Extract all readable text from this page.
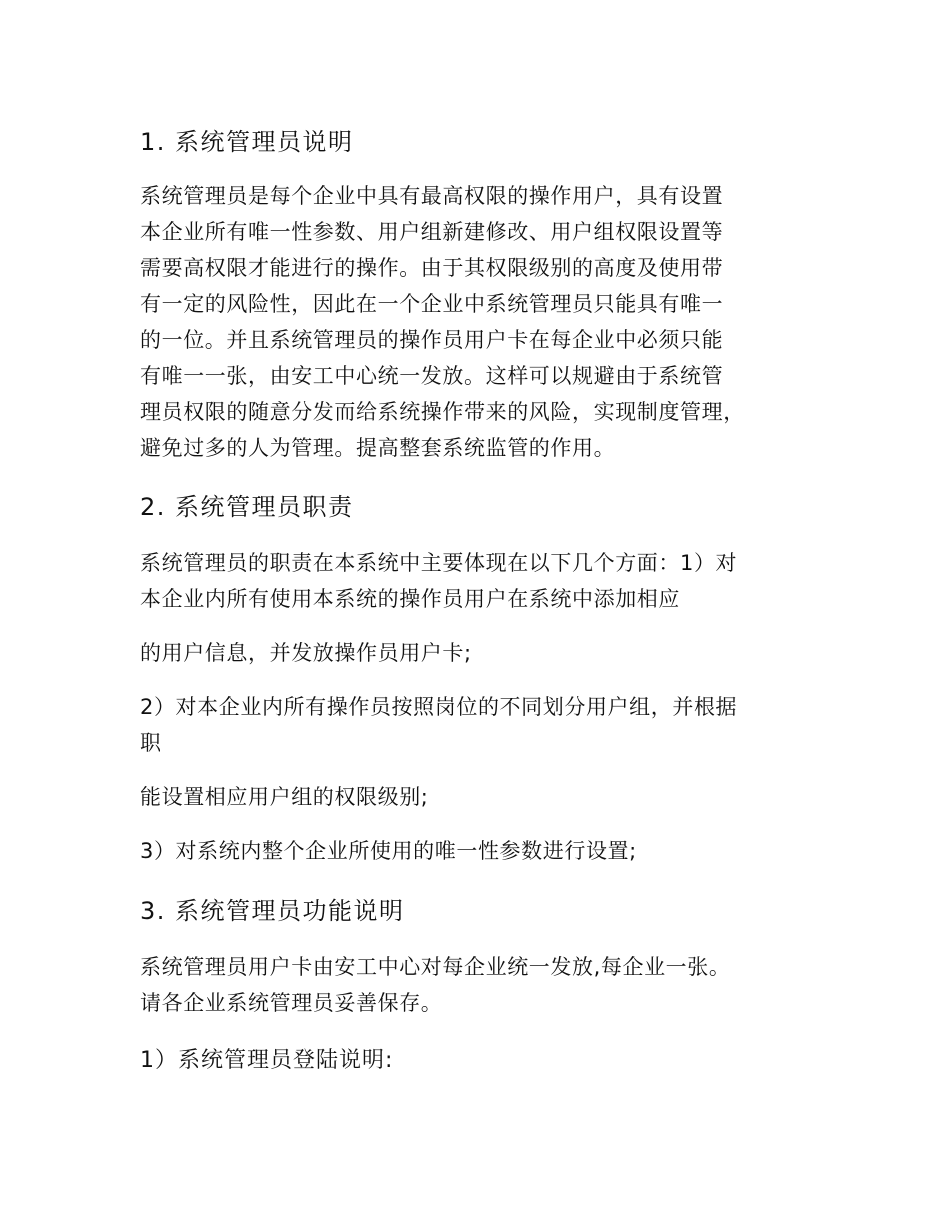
1. 系统管理员说明

系统管理员是每个企业中具有最高权限的操作用户，具有设置

本企业所有唯一性参数、用户组新建修改、用户组权限设置等

需要高权限才能进行的操作。由于其权限级别的高度及使用带

有一定的风险性，因此在一个企业中系统管理员只能具有唯一

的一位。并且系统管理员的操作员用户卡在每企业中必须只能

有唯一一张，由安工中心统一发放。这样可以规避由于系统管

理员权限的随意分发而给系统操作带来的风险，实现制度管理，

避免过多的人为管理。提高整套系统监管的作用。

2. 系统管理员职责

系统管理员的职责在本系统中主要体现在以下几个方面：1）对

本企业内所有使用本系统的操作员用户在系统中添加相应

的用户信息，并发放操作员用户卡;

2）对本企业内所有操作员按照岗位的不同划分用户组，并根据

职

能设置相应用户组的权限级别;

3）对系统内整个企业所使用的唯一性参数进行设置;

3. 系统管理员功能说明

系统管理员用户卡由安工中心对每企业统一发放,每企业一张。

请各企业系统管理员妥善保存。

1）系统管理员登陆说明:
